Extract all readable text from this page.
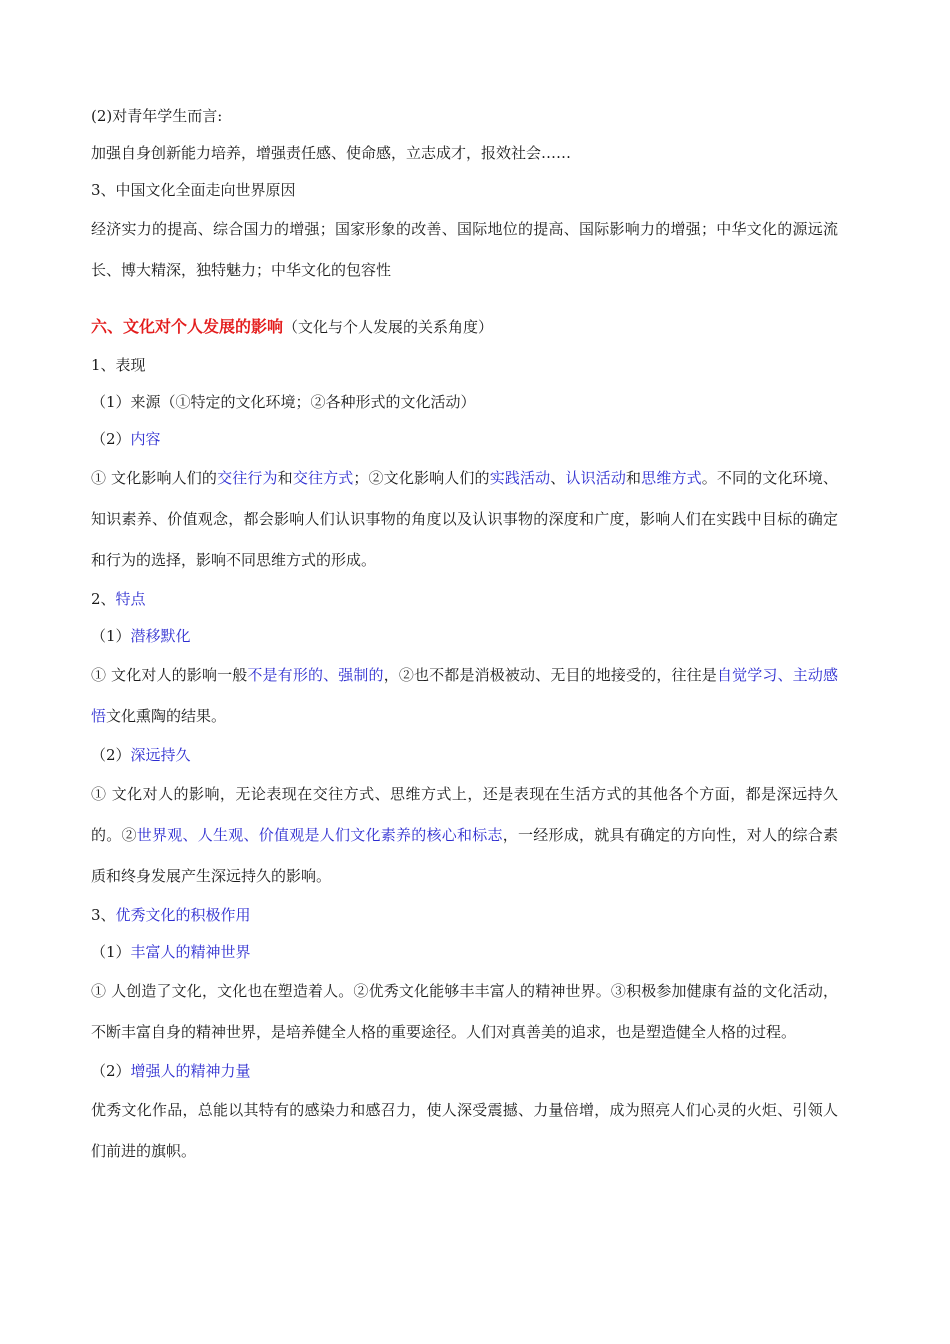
(2)对青年学生而言:
加强自身创新能力培养，增强责任感、使命感，立志成才，报效社会……
3、中国文化全面走向世界原因
经济实力的提高、综合国力的增强；国家形象的改善、国际地位的提高、国际影响力的增强；中华文化的源远流长、博大精深，独特魅力；中华文化的包容性
六、文化对个人发展的影响（文化与个人发展的关系角度）
1、表现
（1）来源（①特定的文化环境；②各种形式的文化活动）
（2）内容
① 文化影响人们的交往行为和交往方式；②文化影响人们的实践活动、认识活动和思维方式。不同的文化环境、知识素养、价值观念，都会影响人们认识事物的角度以及认识事物的深度和广度，影响人们在实践中目标的确定和行为的选择，影响不同思维方式的形成。
2、特点
（1）潜移默化
① 文化对人的影响一般不是有形的、强制的，②也不都是消极被动、无目的地接受的，往往是自觉学习、主动感悟文化熏陶的结果。
（2）深远持久
① 文化对人的影响，无论表现在交往方式、思维方式上，还是表现在生活方式的其他各个方面，都是深远持久的。②世界观、人生观、价值观是人们文化素养的核心和标志，一经形成，就具有确定的方向性，对人的综合素质和终身发展产生深远持久的影响。
3、优秀文化的积极作用
（1）丰富人的精神世界
① 人创造了文化，文化也在塑造着人。②优秀文化能够丰丰富人的精神世界。③积极参加健康有益的文化活动，不断丰富自身的精神世界，是培养健全人格的重要途径。人们对真善美的追求，也是塑造健全人格的过程。
（2）增强人的精神力量
优秀文化作品，总能以其特有的感染力和感召力，使人深受震撼、力量倍增，成为照亮人们心灵的火炬、引领人们前进的旗帜。
